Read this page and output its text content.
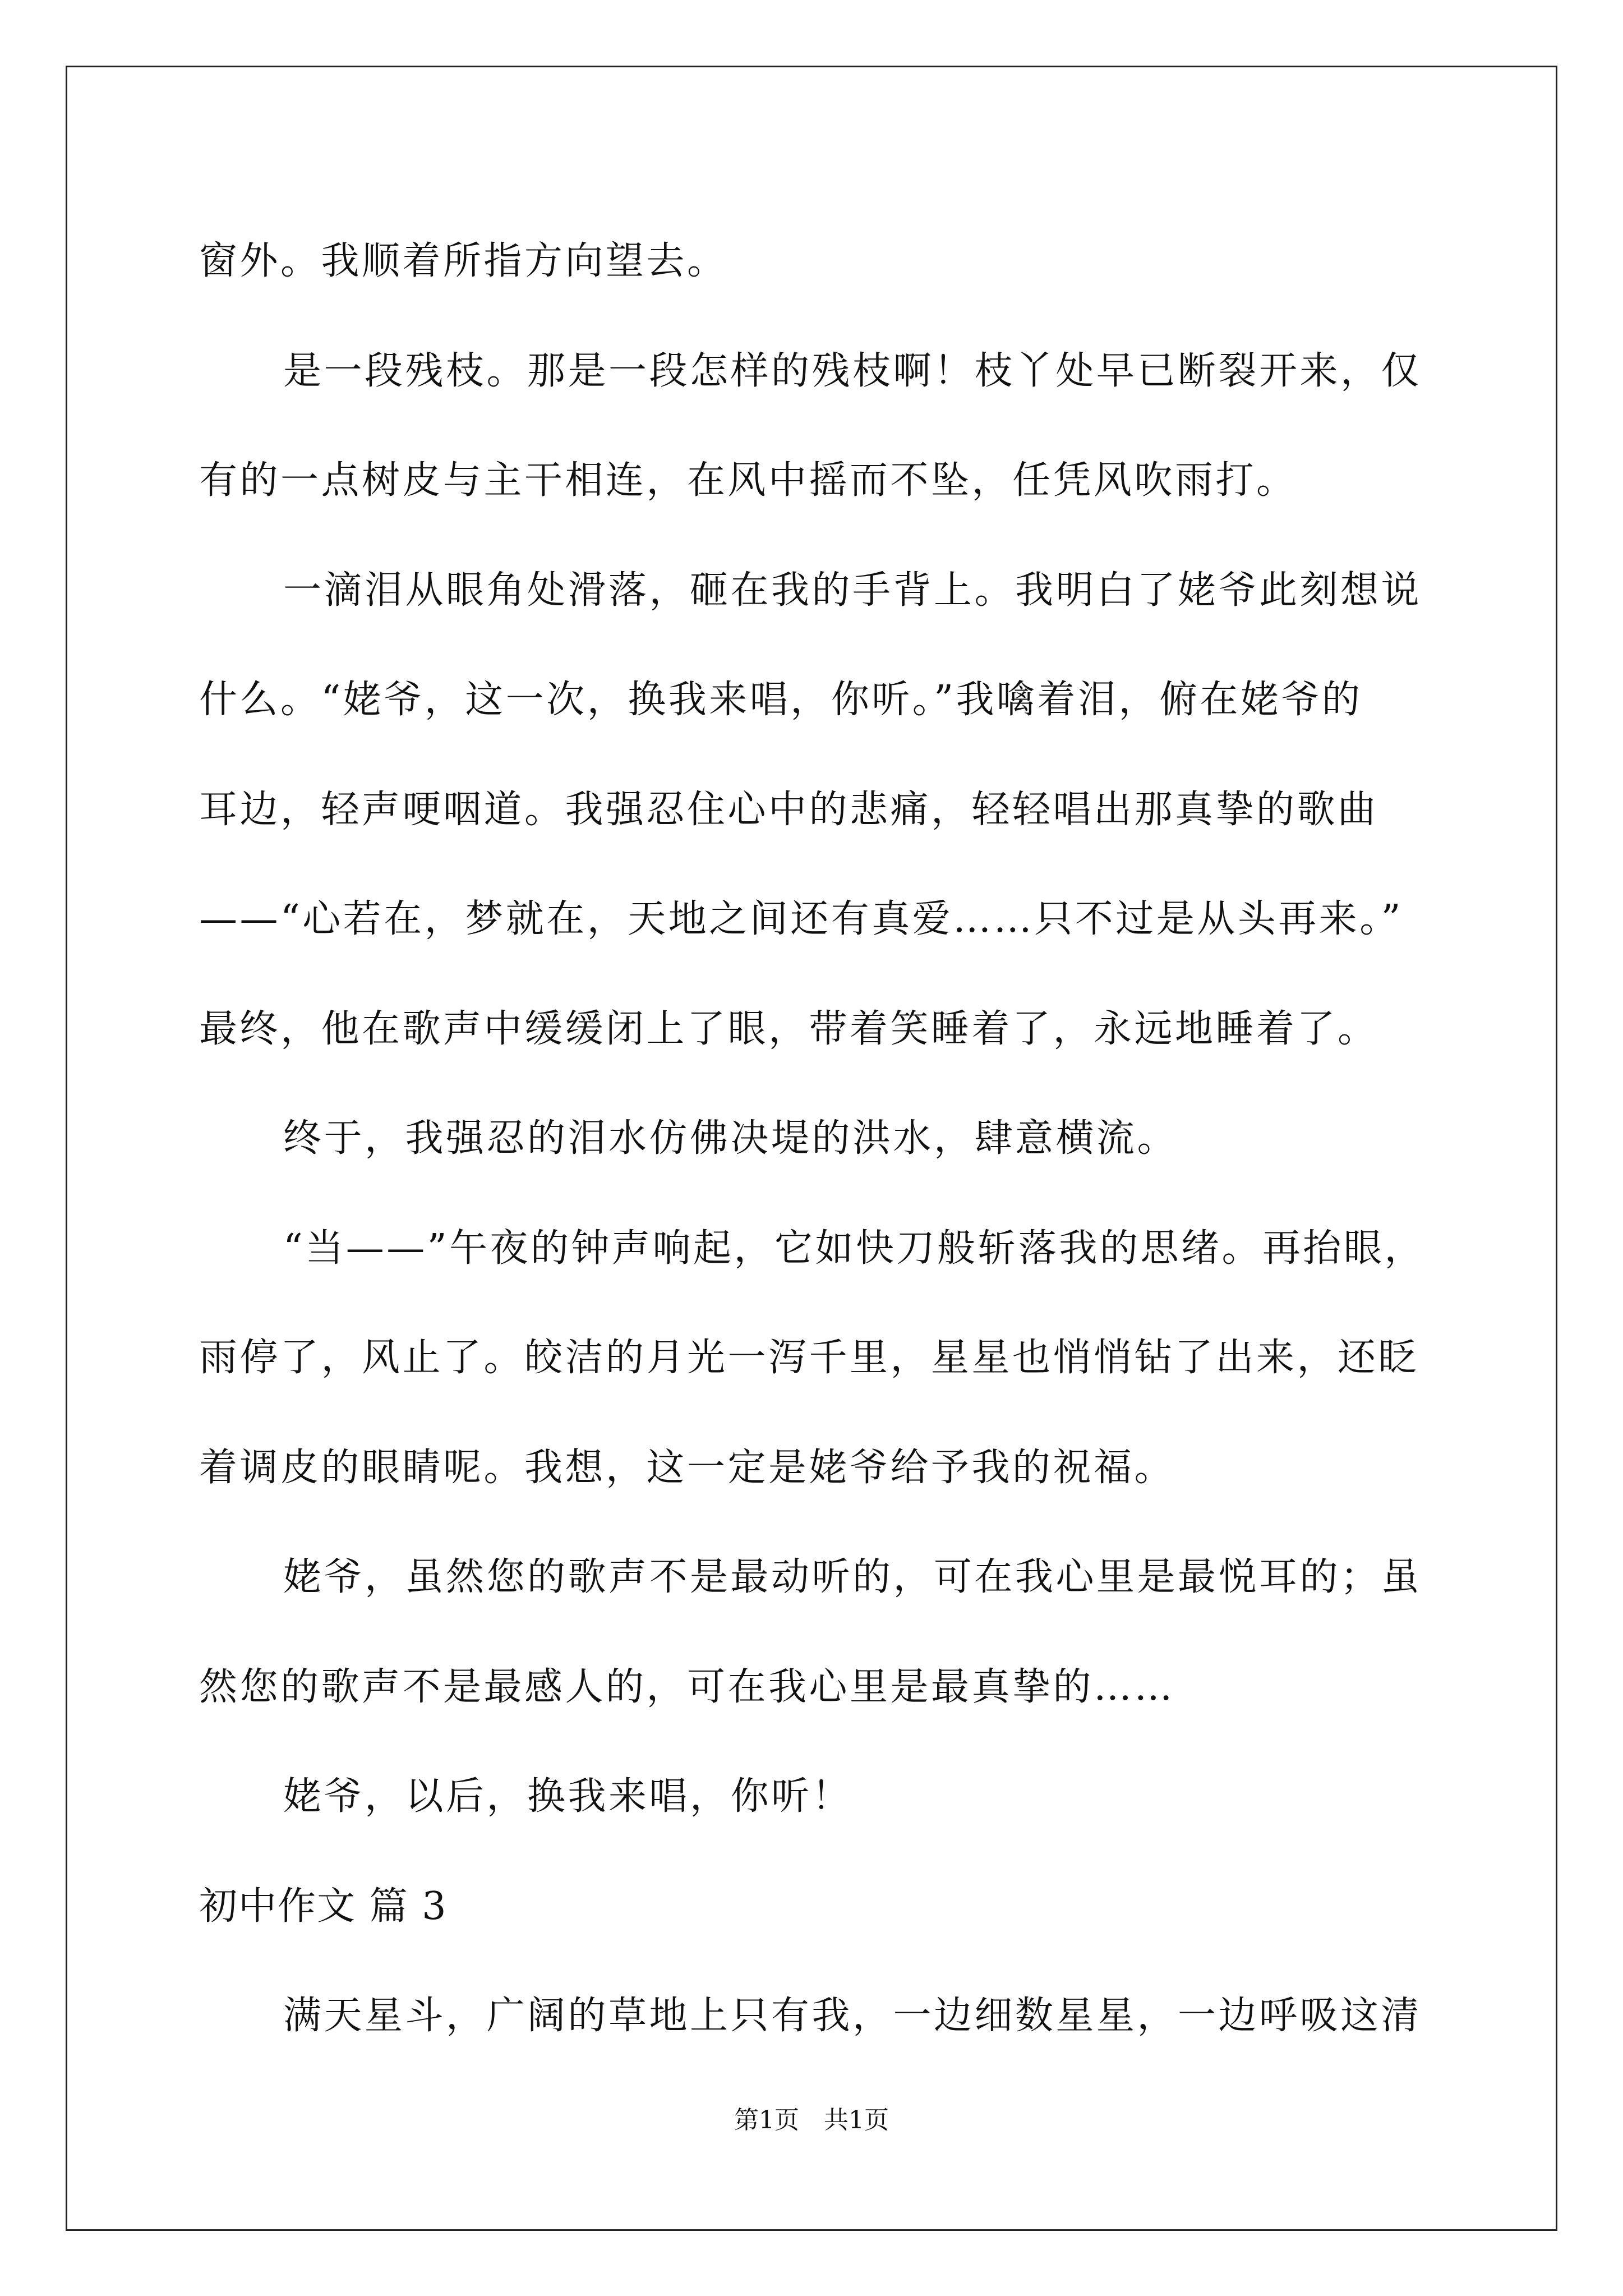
窗外。我顺着所指方向望去。
是一段残枝。那是一段怎样的残枝啊！枝丫处早已断裂开来，仅
有的一点树皮与主干相连，在风中摇而不坠，任凭风吹雨打。
一滴泪从眼角处滑落，砸在我的手背上。我明白了姥爷此刻想说
什么。“姥爷，这一次，换我来唱，你听。”我噙着泪，俯在姥爷的
耳边，轻声哽咽道。我强忍住心中的悲痛，轻轻唱出那真挚的歌曲
——“心若在，梦就在，天地之间还有真爱……只不过是从头再来。”
最终，他在歌声中缓缓闭上了眼，带着笑睡着了，永远地睡着了。
终于，我强忍的泪水仿佛决堤的洪水，肆意横流。
“当——”午夜的钟声响起，它如快刀般斩落我的思绪。再抬眼，
雨停了，风止了。皎洁的月光一泻千里，星星也悄悄钻了出来，还眨
着调皮的眼睛呢。我想，这一定是姥爷给予我的祝福。
姥爷，虽然您的歌声不是最动听的，可在我心里是最悦耳的；虽
然您的歌声不是最感人的，可在我心里是最真挚的……
姥爷，以后，换我来唱，你听！
初中作文 篇 3
满天星斗，广阔的草地上只有我，一边细数星星，一边呼吸这清
第1页　共1页
